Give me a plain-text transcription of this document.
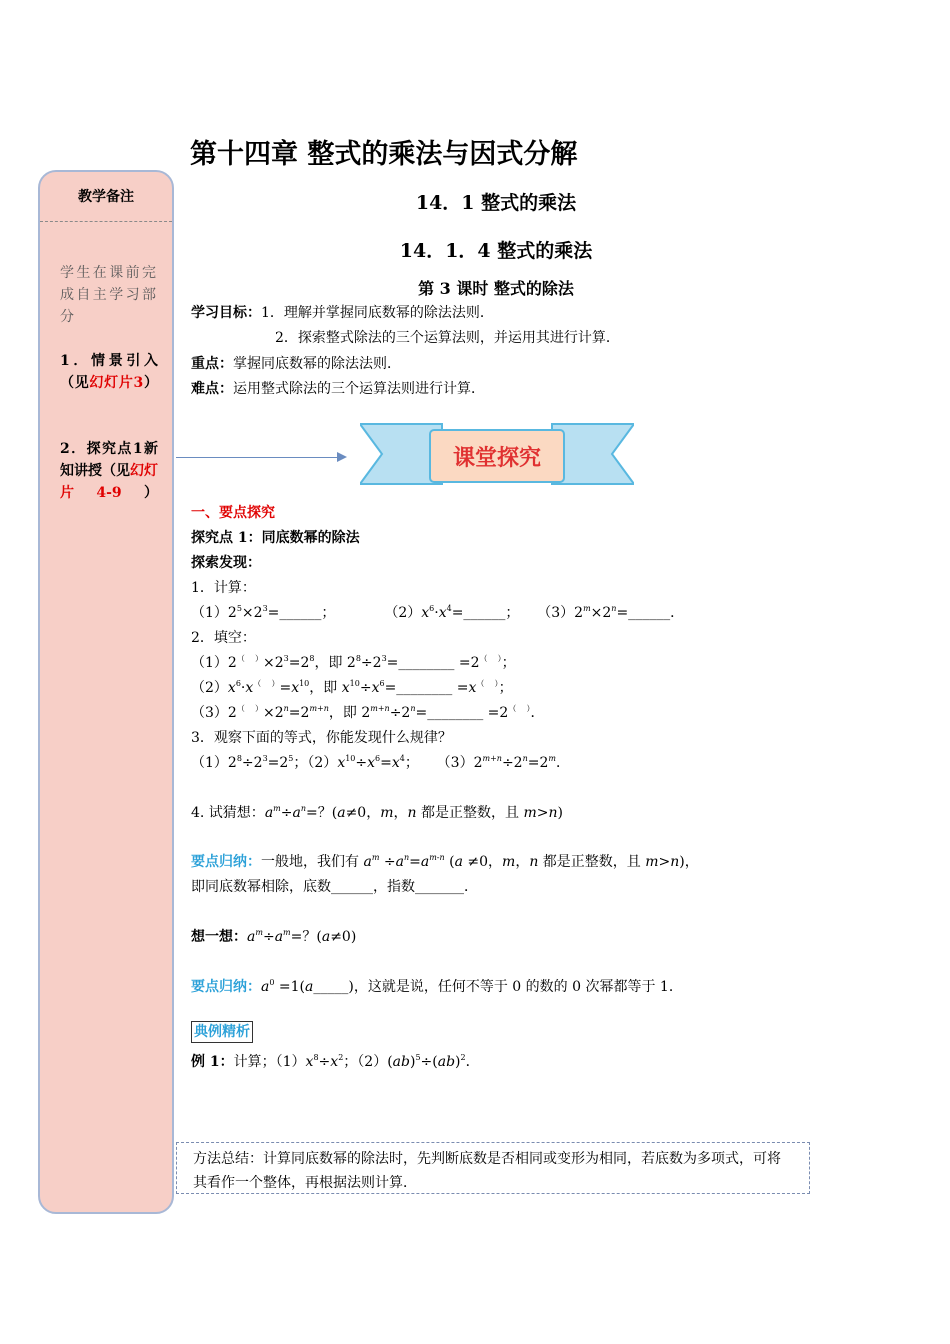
第十四章 整式的乘法与因式分解
教学备注
学生在课前完成自主学习部分
1．情景引入（见幻灯片3）
2．探究点1新知讲授（见幻灯片4-9）
14．1 整式的乘法
14．1．4 整式的乘法
第 3 课时 整式的除法
学习目标：1．理解并掌握同底数幂的除法法则．
2．探索整式除法的三个运算法则，并运用其进行计算．
重点：掌握同底数幂的除法法则．
难点：运用整式除法的三个运算法则进行计算．
课堂探究
一、要点探究
探究点 1：同底数幂的除法
探索发现：
1．计算：
$(1)2^5\times 2^3=\_\_\_\_\_\_$；           $(2)x^6\cdot x^4=\_\_\_\_\_\_$；    $(3)2^m\times 2^n=\_\_\_\_\_\_$．
2．填空：
$(1)2^{( )}\times 2^3=2^8$，即 $2^8\div 2^3=\_\_\_\_\_\_\_\_ =2^{( )}$；
$(2)x^6\cdot x^{( )}=x^{10}$，即 $x^{10}\div x^6=\_\_\_\_\_\_\_\_ =x^{( )}$；
$(3)2^{( )}\times 2^n=2^{m+n}$，即 $2^{m+n}\div 2^n=\_\_\_\_\_\_\_\_ =2^{( )}$．
3．观察下面的等式，你能发现什么规律？
$(1)2^8\div 2^3=2^5$；$(2)x^{10}\div x^6=x^4$；    $(3)2^{m+n}\div 2^n=2^m$．
4. 试猜想：$a^m\div a^n=$？(a≠0，m，n 都是正整数，且 m>n)
要点归纳：一般地，我们有 $a^m \div a^n=a^{m-n}$ (a ≠0，m，n 都是正整数，且 m>n)，
即同底数幂相除，底数______，指数_______．
想一想：$a^m\div a^m=$？(a≠0)
要点归纳：$a^0$ =1(a_____)，这就是说，任何不等于 0 的数的 0 次幂都等于 1．
典例精析
例 1：计算；$(1)x^8\div x^2$；（2）(ab)$^5$÷(ab)$^2$．
方法总结：计算同底数幂的除法时，先判断底数是否相同或变形为相同，若底数为多项式，可将其看作一个整体，再根据法则计算．
